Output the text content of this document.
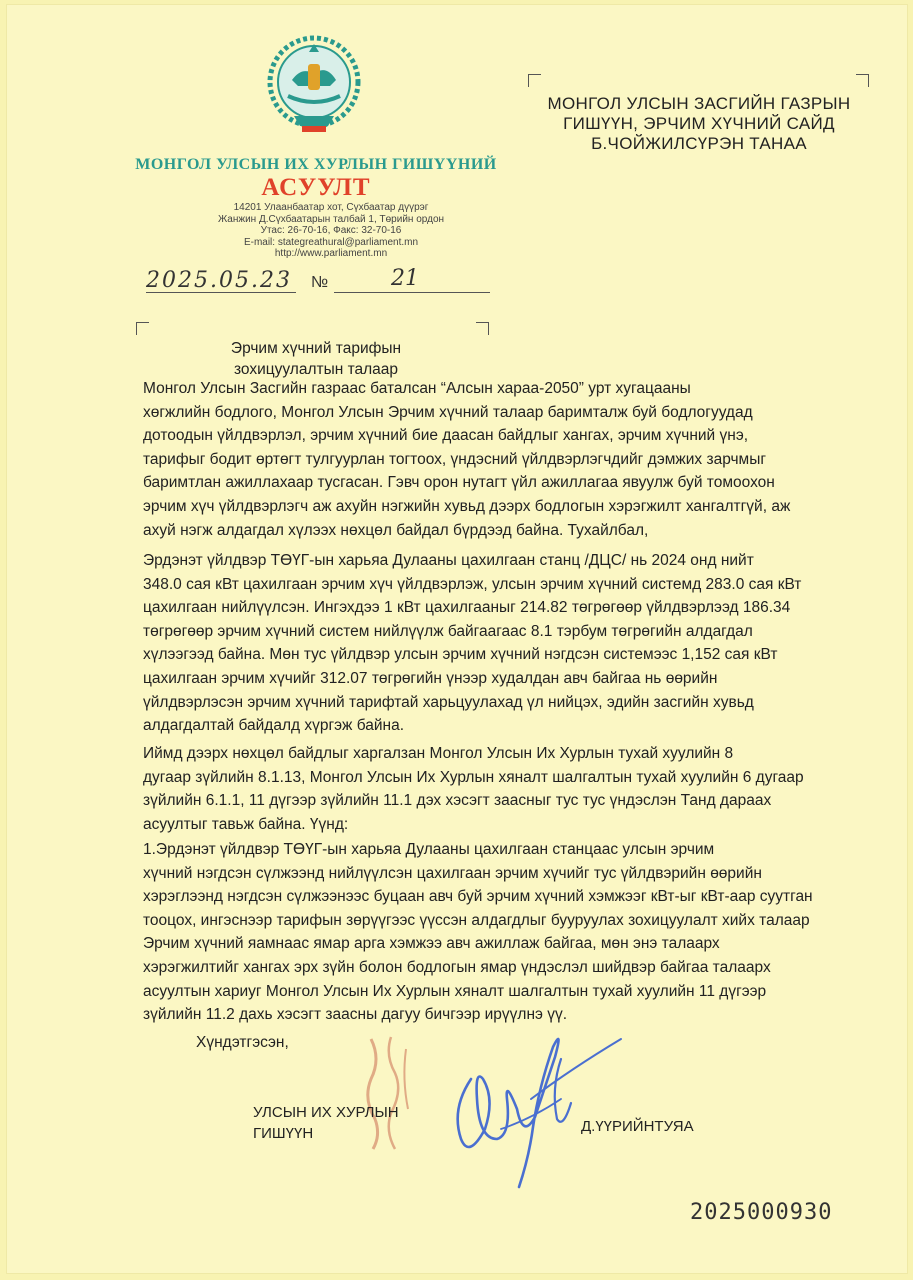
МОНГОЛ УЛСЫН ИХ ХУРЛЫН ГИШҮҮНИЙ
АСУУЛТ
14201 Улаанбаатар хот, Сүхбаатар дүүрэг
Жанжин Д.Сүхбаатарын талбай 1, Төрийн ордон
Утас: 26-70-16, Факс: 32-70-16
E-mail: stategreathural@parliament.mn
http://www.parliament.mn
2025.05.23 №	21
МОНГОЛ УЛСЫН ЗАСГИЙН ГАЗРЫН
ГИШҮҮН, ЭРЧИМ ХҮЧНИЙ САЙД
Б.ЧОЙЖИЛСҮРЭН ТАНАА
Эрчим хүчний тарифын
зохицуулалтын талаар
Монгол Улсын Засгийн газраас баталсан “Алсын хараа-2050” урт хугацааны
хөгжлийн бодлого, Монгол Улсын Эрчим хүчний талаар баримталж буй бодлогуудад
дотоодын үйлдвэрлэл, эрчим хүчний бие даасан байдлыг хангах, эрчим хүчний үнэ,
тарифыг бодит өртөгт тулгуурлан тогтоох, үндэсний үйлдвэрлэгчдийг дэмжих зарчмыг
баримтлан ажиллахаар тусгасан. Гэвч орон нутагт үйл ажиллагаа явуулж буй томоохон
эрчим хүч үйлдвэрлэгч аж ахуйн нэгжийн хувьд дээрх бодлогын хэрэгжилт хангалтгүй, аж
ахуй нэгж алдагдал хүлээх нөхцөл байдал бүрдээд байна. Тухайлбал,
Эрдэнэт үйлдвэр ТӨҮГ-ын харьяа Дулааны цахилгаан станц /ДЦС/ нь 2024 онд нийт
348.0 сая кВт цахилгаан эрчим хүч үйлдвэрлэж, улсын эрчим хүчний системд 283.0 сая кВт
цахилгаан нийлүүлсэн. Ингэхдээ 1 кВт цахилгааныг 214.82 төгрөгөөр үйлдвэрлээд 186.34
төгрөгөөр эрчим хүчний систем нийлүүлж байгаагаас 8.1 тэрбум төгрөгийн алдагдал
хүлээгээд байна. Мөн тус үйлдвэр улсын эрчим хүчний нэгдсэн системээс 1,152 сая кВт
цахилгаан эрчим хүчийг 312.07 төгрөгийн үнээр худалдан авч байгаа нь өөрийн
үйлдвэрлэсэн эрчим хүчний тарифтай харьцуулахад үл нийцэх, эдийн засгийн хувьд
алдагдалтай байдалд хүргэж байна.
Иймд дээрх нөхцөл байдлыг харгалзан Монгол Улсын Их Хурлын тухай хуулийн 8
дугаар зүйлийн 8.1.13, Монгол Улсын Их Хурлын хяналт шалгалтын тухай хуулийн 6 дугаар
зүйлийн 6.1.1, 11 дүгээр зүйлийн 11.1 дэх хэсэгт заасныг тус тус үндэслэн Танд дараах
асуултыг тавьж байна. Үүнд:
1.Эрдэнэт үйлдвэр ТӨҮГ-ын харьяа Дулааны цахилгаан станцаас улсын эрчим
хүчний нэгдсэн сүлжээнд нийлүүлсэн цахилгаан эрчим хүчийг тус үйлдвэрийн өөрийн
хэрэглээнд нэгдсэн сүлжээнээс буцаан авч буй эрчим хүчний хэмжээг кВт-ыг кВт-аар суутган
тооцох, ингэснээр тарифын зөрүүгээс үүссэн алдагдлыг бууруулах зохицуулалт хийх талаар
Эрчим хүчний яамнаас ямар арга хэмжээ авч ажиллаж байгаа, мөн энэ талаарх
хэрэгжилтийг хангах эрх зүйн болон бодлогын ямар үндэслэл шийдвэр байгаа талаарх
асуултын хариуг Монгол Улсын Их Хурлын хяналт шалгалтын тухай хуулийн 11 дүгээр
зүйлийн 11.2 дахь хэсэгт заасны дагуу бичгээр ирүүлнэ үү.
Хүндэтгэсэн,
УЛСЫН ИХ ХУРЛЫН
ГИШҮҮН	Д.ҮҮРИЙНТУЯА
2025000930
